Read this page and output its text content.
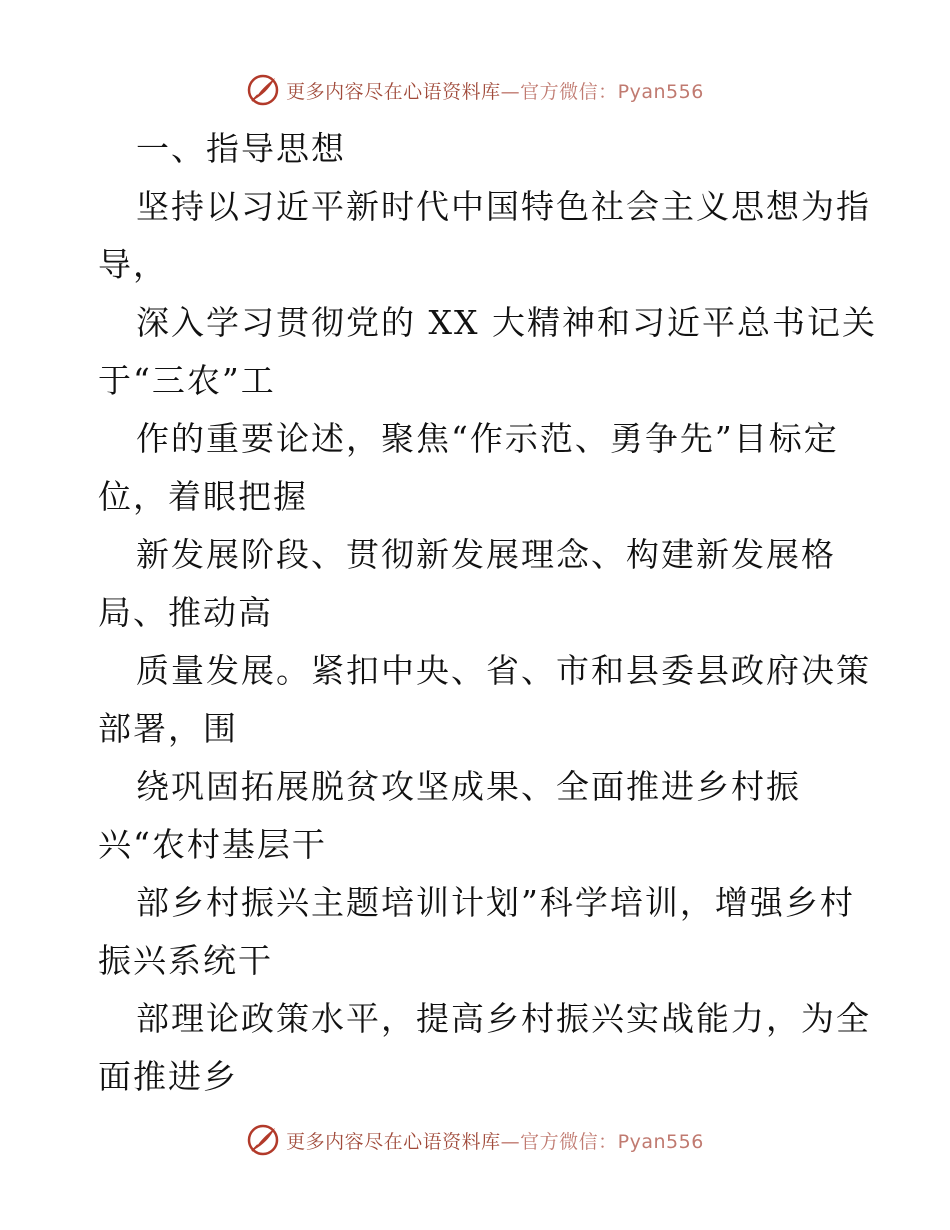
更多内容尽在心语资料库—官方微信：Pyan556
一、指导思想
坚持以习近平新时代中国特色社会主义思想为指
导，
深入学习贯彻党的 XX 大精神和习近平总书记关
于“三农”工
作的重要论述，聚焦“作示范、勇争先”目标定
位，着眼把握
新发展阶段、贯彻新发展理念、构建新发展格
局、推动高
质量发展。紧扣中央、省、市和县委县政府决策
部署，围
绕巩固拓展脱贫攻坚成果、全面推进乡村振
兴“农村基层干
部乡村振兴主题培训计划”科学培训，增强乡村
振兴系统干
部理论政策水平，提高乡村振兴实战能力，为全
面推进乡
更多内容尽在心语资料库—官方微信：Pyan556
